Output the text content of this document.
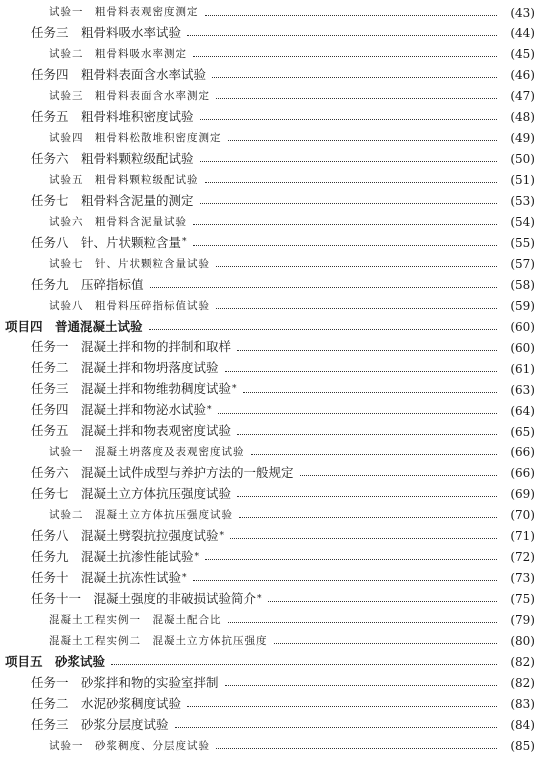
试验一　粗骨料表观密度测定	(43)
任务三　粗骨料吸水率试验	(44)
试验二　粗骨料吸水率测定	(45)
任务四　粗骨料表面含水率试验	(46)
试验三　粗骨料表面含水率测定	(47)
任务五　粗骨料堆积密度试验	(48)
试验四　粗骨料松散堆积密度测定	(49)
任务六　粗骨料颗粒级配试验	(50)
试验五　粗骨料颗粒级配试验	(51)
任务七　粗骨料含泥量的测定	(53)
试验六　粗骨料含泥量试验	(54)
任务八　针、片状颗粒含量 *	(55)
试验七　针、片状颗粒含量试验	(57)
任务九　压碎指标值	(58)
试验八　粗骨料压碎指标值试验	(59)
项目四　普通混凝土试验	(60)
任务一　混凝土拌和物的拌制和取样	(60)
任务二　混凝土拌和物坍落度试验	(61)
任务三　混凝土拌和物维勃稠度试验 *	(63)
任务四　混凝土拌和物泌水试验 *	(64)
任务五　混凝土拌和物表观密度试验	(65)
试验一　混凝土坍落度及表观密度试验	(66)
任务六　混凝土试件成型与养护方法的一般规定	(66)
任务七　混凝土立方体抗压强度试验	(69)
试验二　混凝土立方体抗压强度试验	(70)
任务八　混凝土劈裂抗拉强度试验 *	(71)
任务九　混凝土抗渗性能试验 *	(72)
任务十　混凝土抗冻性试验 *	(73)
任务十一　混凝土强度的非破损试验简介 *	(75)
混凝土工程实例一　混凝土配合比	(79)
混凝土工程实例二　混凝土立方体抗压强度	(80)
项目五　砂浆试验	(82)
任务一　砂浆拌和物的实验室拌制	(82)
任务二　水泥砂浆稠度试验	(83)
任务三　砂浆分层度试验	(84)
试验一　砂浆稠度、分层度试验	(85)
